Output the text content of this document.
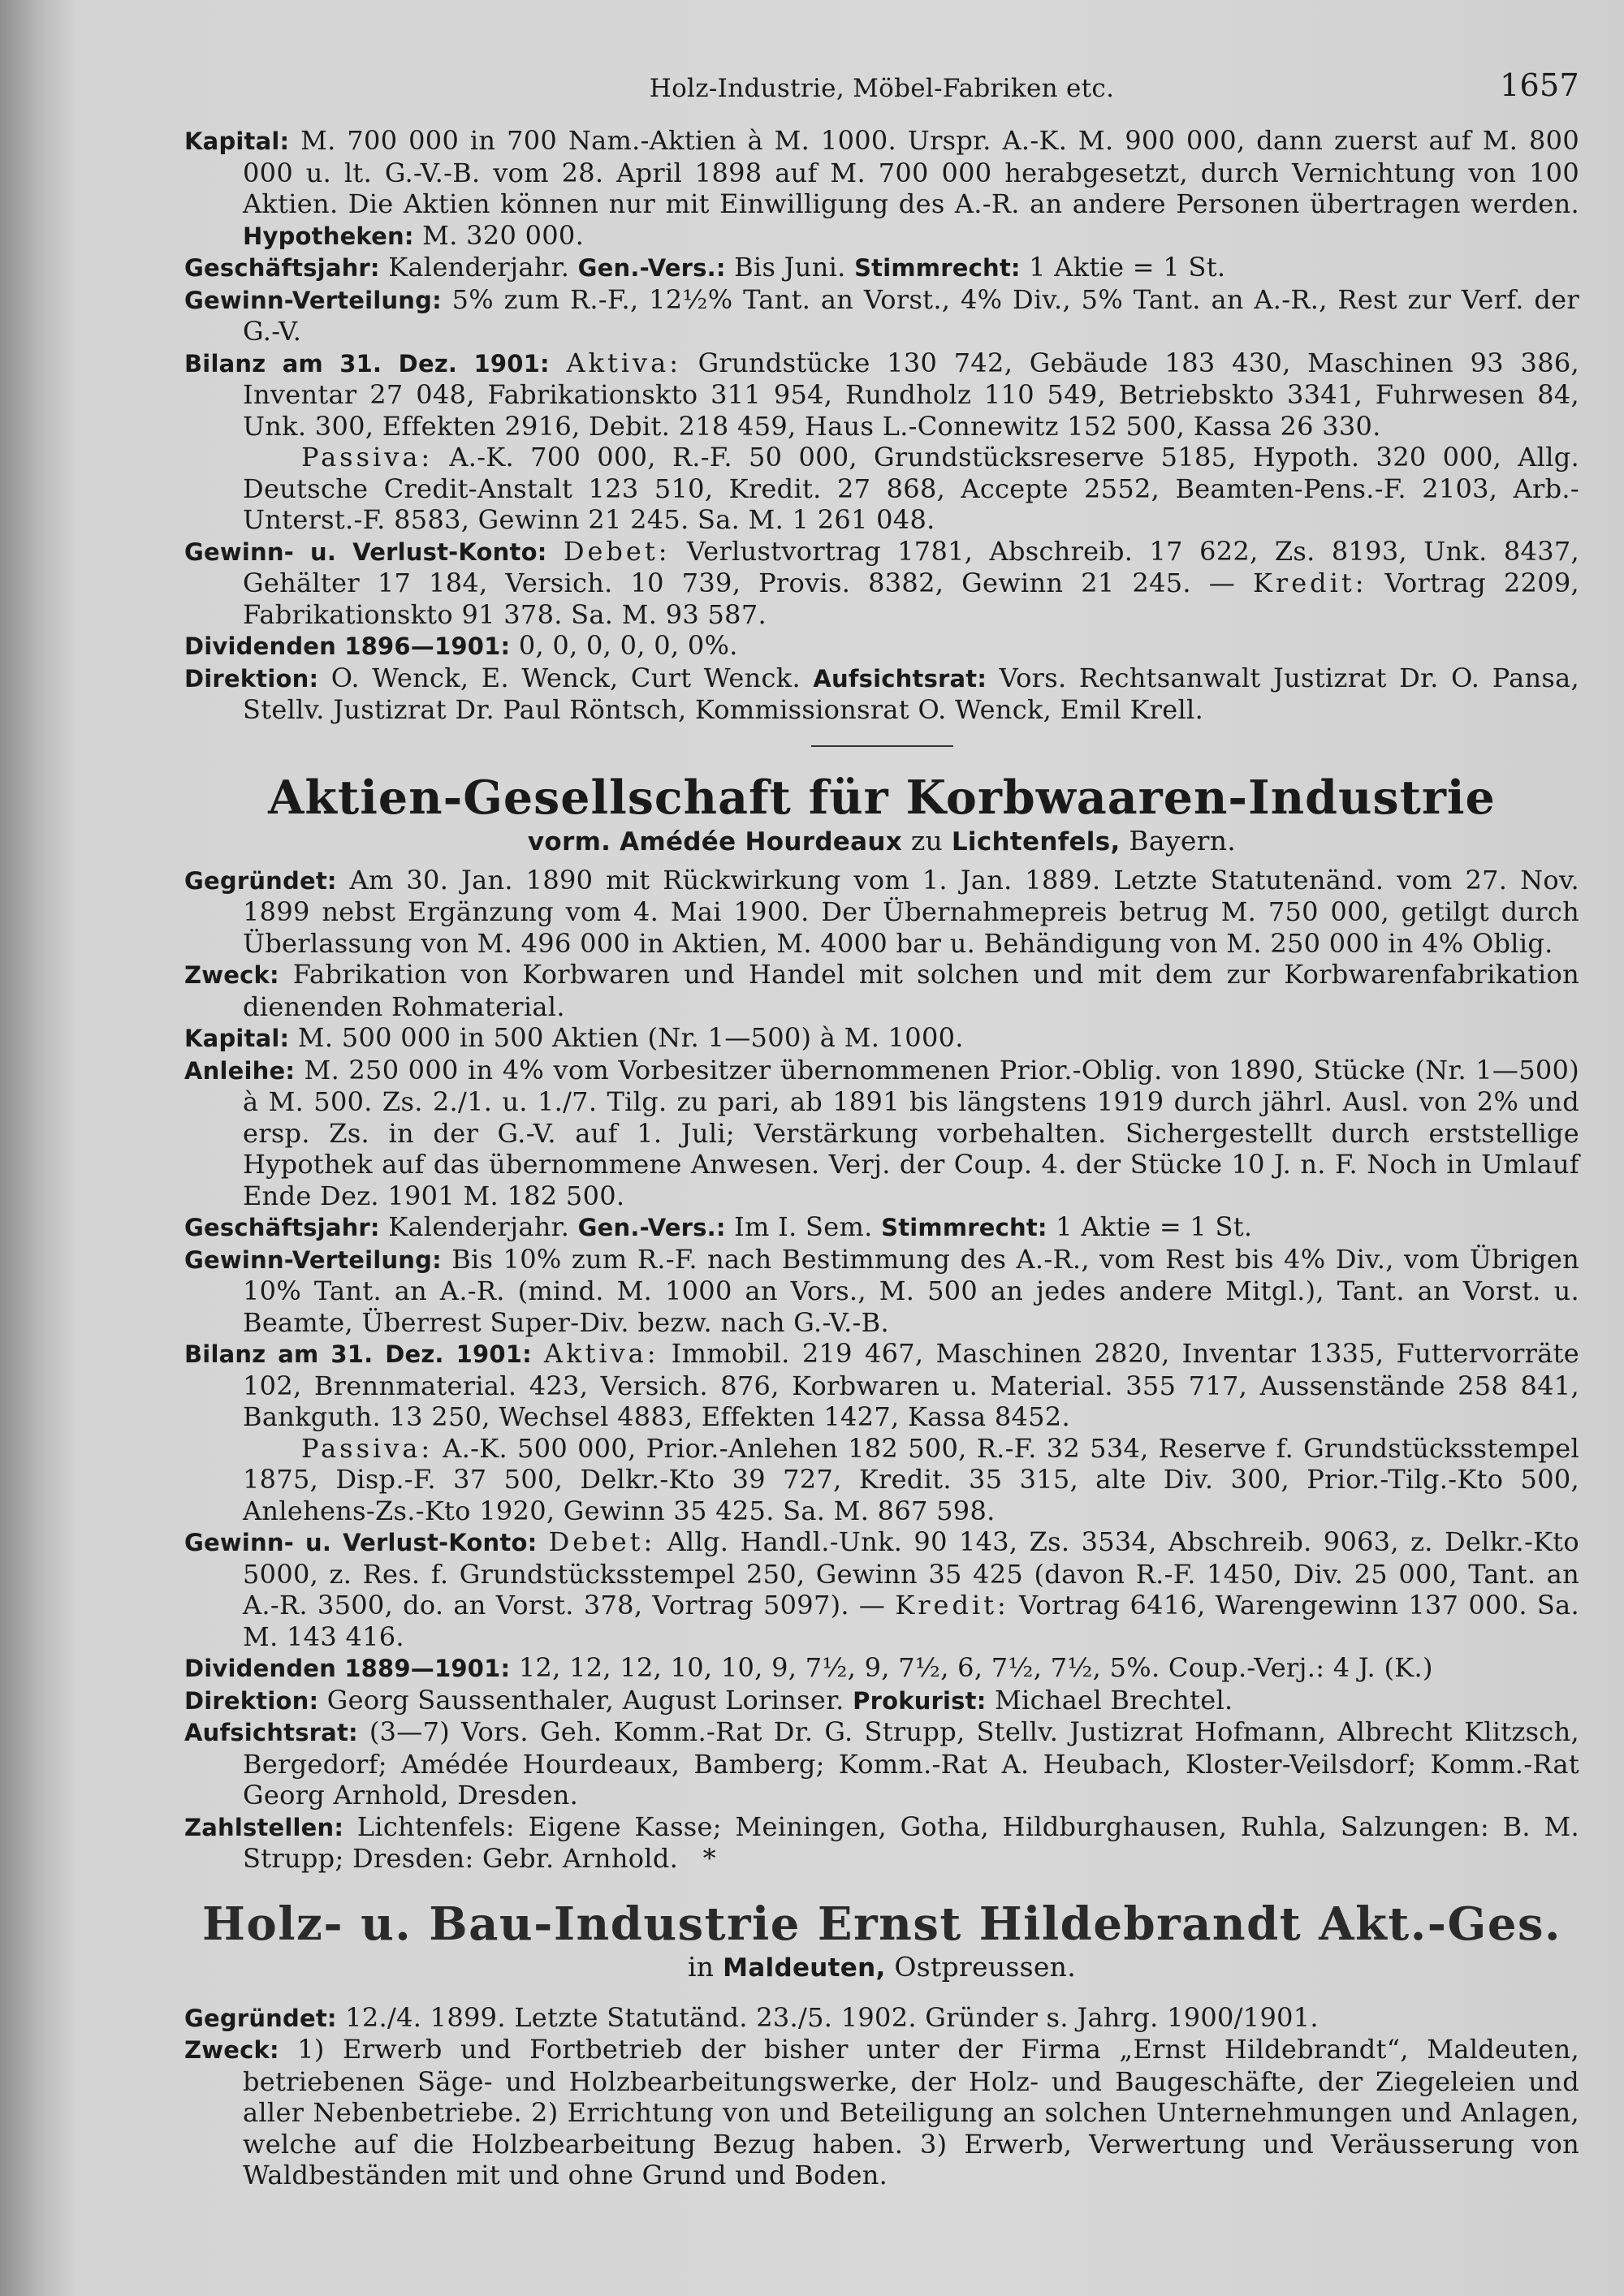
Holz-Industrie, Möbel-Fabriken etc.	1657

Kapital: M. 700 000 in 700 Nam.-Aktien à M. 1000. Urspr. A.-K. M. 900 000, dann zuerst auf M. 800 000 u. lt. G.-V.-B. vom 28. April 1898 auf M. 700 000 herabgesetzt, durch Vernichtung von 100 Aktien. Die Aktien können nur mit Einwilligung des A.-R. an andere Personen übertragen werden. Hypotheken: M. 320 000.

Geschäftsjahr: Kalenderjahr. Gen.-Vers.: Bis Juni. Stimmrecht: 1 Aktie = 1 St.

Gewinn-Verteilung: 5% zum R.-F., 12½% Tant. an Vorst., 4% Div., 5% Tant. an A.-R., Rest zur Verf. der G.-V.

Bilanz am 31. Dez. 1901: Aktiva: Grundstücke 130 742, Gebäude 183 430, Maschinen 93 386, Inventar 27 048, Fabrikationskto 311 954, Rundholz 110 549, Betriebskto 3341, Fuhrwesen 84, Unk. 300, Effekten 2916, Debit. 218 459, Haus L.-Connewitz 152 500, Kassa 26 330.

Passiva: A.-K. 700 000, R.-F. 50 000, Grundstücksreserve 5185, Hypoth. 320 000, Allg. Deutsche Credit-Anstalt 123 510, Kredit. 27 868, Accepte 2552, Beamten-Pens.-F. 2103, Arb.-Unterst.-F. 8583, Gewinn 21 245. Sa. M. 1 261 048.

Gewinn- u. Verlust-Konto: Debet: Verlustvortrag 1781, Abschreib. 17 622, Zs. 8193, Unk. 8437, Gehälter 17 184, Versich. 10 739, Provis. 8382, Gewinn 21 245. — Kredit: Vortrag 2209, Fabrikationskto 91 378. Sa. M. 93 587.

Dividenden 1896—1901: 0, 0, 0, 0, 0, 0%.

Direktion: O. Wenck, E. Wenck, Curt Wenck. Aufsichtsrat: Vors. Rechtsanwalt Justizrat Dr. O. Pansa, Stellv. Justizrat Dr. Paul Röntsch, Kommissionsrat O. Wenck, Emil Krell.

Aktien-Gesellschaft für Korbwaaren-Industrie

vorm. Amédée Hourdeaux zu Lichtenfels, Bayern.

Gegründet: Am 30. Jan. 1890 mit Rückwirkung vom 1. Jan. 1889. Letzte Statutenänd. vom 27. Nov. 1899 nebst Ergänzung vom 4. Mai 1900. Der Übernahmepreis betrug M. 750 000, getilgt durch Überlassung von M. 496 000 in Aktien, M. 4000 bar u. Behändigung von M. 250 000 in 4% Oblig.

Zweck: Fabrikation von Korbwaren und Handel mit solchen und mit dem zur Korbwarenfabrikation dienenden Rohmaterial.

Kapital: M. 500 000 in 500 Aktien (Nr. 1—500) à M. 1000.

Anleihe: M. 250 000 in 4% vom Vorbesitzer übernommenen Prior.-Oblig. von 1890, Stücke (Nr. 1—500) à M. 500. Zs. 2./1. u. 1./7. Tilg. zu pari, ab 1891 bis längstens 1919 durch jährl. Ausl. von 2% und ersp. Zs. in der G.-V. auf 1. Juli; Verstärkung vorbehalten. Sichergestellt durch erststellige Hypothek auf das übernommene Anwesen. Verj. der Coup. 4. der Stücke 10 J. n. F. Noch in Umlauf Ende Dez. 1901 M. 182 500.

Geschäftsjahr: Kalenderjahr. Gen.-Vers.: Im I. Sem. Stimmrecht: 1 Aktie = 1 St.

Gewinn-Verteilung: Bis 10% zum R.-F. nach Bestimmung des A.-R., vom Rest bis 4% Div., vom Übrigen 10% Tant. an A.-R. (mind. M. 1000 an Vors., M. 500 an jedes andere Mitgl.), Tant. an Vorst. u. Beamte, Überrest Super-Div. bezw. nach G.-V.-B.

Bilanz am 31. Dez. 1901: Aktiva: Immobil. 219 467, Maschinen 2820, Inventar 1335, Futtervorräte 102, Brennmaterial. 423, Versich. 876, Korbwaren u. Material. 355 717, Aussenstände 258 841, Bankguth. 13 250, Wechsel 4883, Effekten 1427, Kassa 8452.

Passiva: A.-K. 500 000, Prior.-Anlehen 182 500, R.-F. 32 534, Reserve f. Grundstücksstempel 1875, Disp.-F. 37 500, Delkr.-Kto 39 727, Kredit. 35 315, alte Div. 300, Prior.-Tilg.-Kto 500, Anlehens-Zs.-Kto 1920, Gewinn 35 425. Sa. M. 867 598.

Gewinn- u. Verlust-Konto: Debet: Allg. Handl.-Unk. 90 143, Zs. 3534, Abschreib. 9063, z. Delkr.-Kto 5000, z. Res. f. Grundstücksstempel 250, Gewinn 35 425 (davon R.-F. 1450, Div. 25 000, Tant. an A.-R. 3500, do. an Vorst. 378, Vortrag 5097). — Kredit: Vortrag 6416, Warengewinn 137 000. Sa. M. 143 416.

Dividenden 1889—1901: 12, 12, 12, 10, 10, 9, 7½, 9, 7½, 6, 7½, 7½, 5%. Coup.-Verj.: 4 J. (K.)

Direktion: Georg Saussenthaler, August Lorinser. Prokurist: Michael Brechtel.

Aufsichtsrat: (3—7) Vors. Geh. Komm.-Rat Dr. G. Strupp, Stellv. Justizrat Hofmann, Albrecht Klitzsch, Bergedorf; Amédée Hourdeaux, Bamberg; Komm.-Rat A. Heubach, Kloster-Veilsdorf; Komm.-Rat Georg Arnhold, Dresden.

Zahlstellen: Lichtenfels: Eigene Kasse; Meiningen, Gotha, Hildburghausen, Ruhla, Salzungen: B. M. Strupp; Dresden: Gebr. Arnhold. *

Holz- u. Bau-Industrie Ernst Hildebrandt Akt.-Ges.

in Maldeuten, Ostpreussen.

Gegründet: 12./4. 1899. Letzte Statutänd. 23./5. 1902. Gründer s. Jahrg. 1900/1901.

Zweck: 1) Erwerb und Fortbetrieb der bisher unter der Firma „Ernst Hildebrandt“, Maldeuten, betriebenen Säge- und Holzbearbeitungswerke, der Holz- und Baugeschäfte, der Ziegeleien und aller Nebenbetriebe. 2) Errichtung von und Beteiligung an solchen Unternehmungen und Anlagen, welche auf die Holzbearbeitung Bezug haben. 3) Erwerb, Verwertung und Veräusserung von Waldbeständen mit und ohne Grund und Boden.
